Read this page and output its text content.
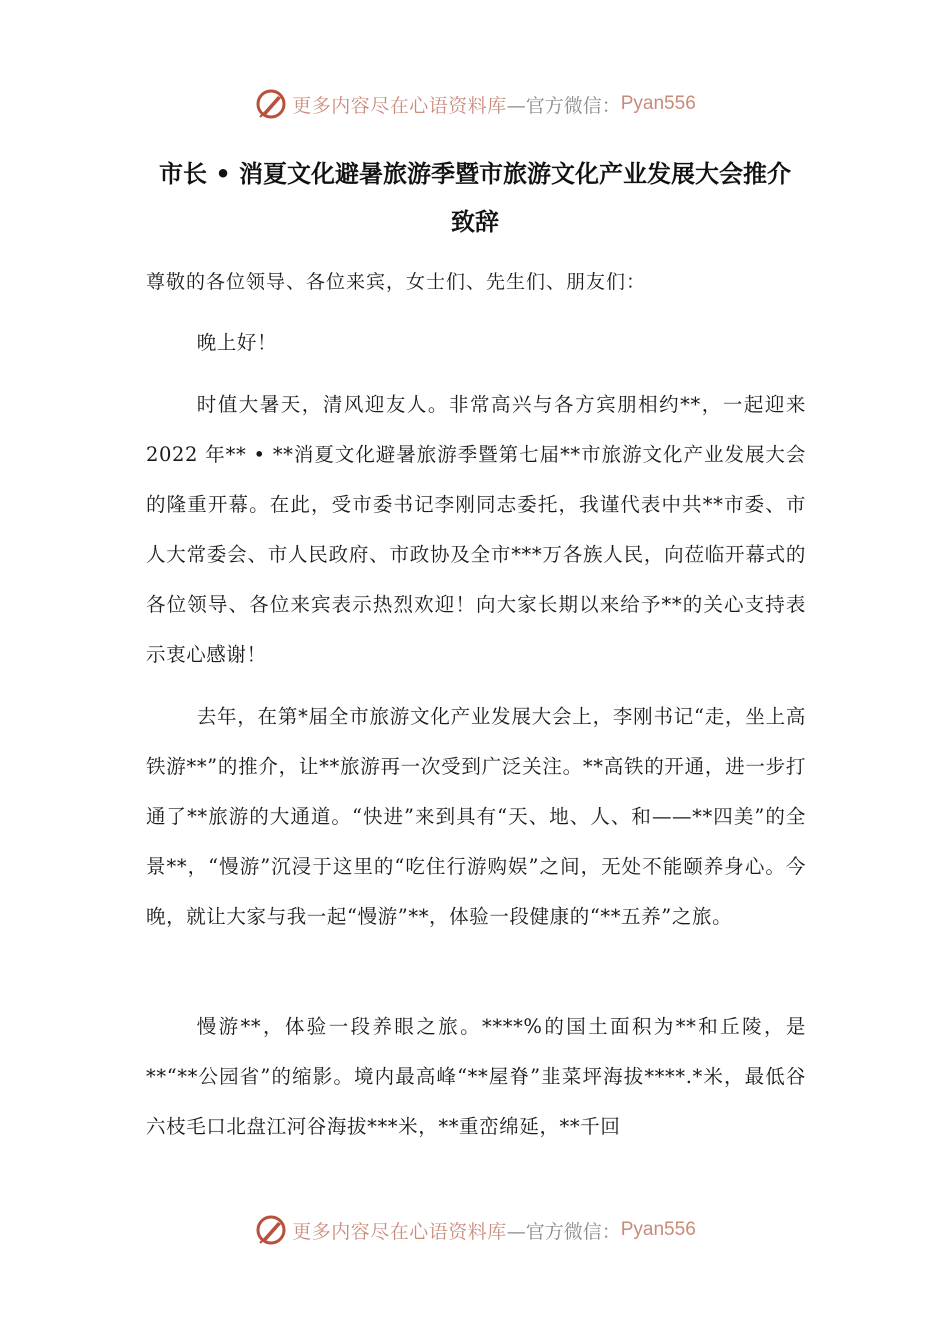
更多内容尽在心语资料库 —官方微信： Pyan556
市长 • 消夏文化避暑旅游季暨市旅游文化产业发展大会推介致辞
尊敬的各位领导、各位来宾，女士们、先生们、朋友们：

晚上好！

时值大暑天，清风迎友人。非常高兴与各方宾朋相约**，一起迎来 2022 年** • **消夏文化避暑旅游季暨第七届**市旅游文化产业发展大会的隆重开幕。在此，受市委书记李刚同志委托，我谨代表中共**市委、市人大常委会、市人民政府、市政协及全市***万各族人民，向莅临开幕式的各位领导、各位来宾表示热烈欢迎！向大家长期以来给予**的关心支持表示衷心感谢！

去年，在第*届全市旅游文化产业发展大会上，李刚书记“走，坐上高铁游**”的推介，让**旅游再一次受到广泛关注。**高铁的开通，进一步打通了**旅游的大通道。“快进”来到具有“天、地、人、和——**四美”的全景**，“慢游”沉浸于这里的“吃住行游购娱”之间，无处不能颐养身心。今晚，就让大家与我一起“慢游”**，体验一段健康的“**五养”之旅。

慢游**，体验一段养眼之旅。****%的国土面积为**和丘陵，是**“**公园省”的缩影。境内最高峰“**屋脊”韭菜坪海拔****.*米，最低谷六枝毛口北盘江河谷海拔***米，**重峦绵延，**千回

更多内容尽在心语资料库 —官方微信： Pyan556
